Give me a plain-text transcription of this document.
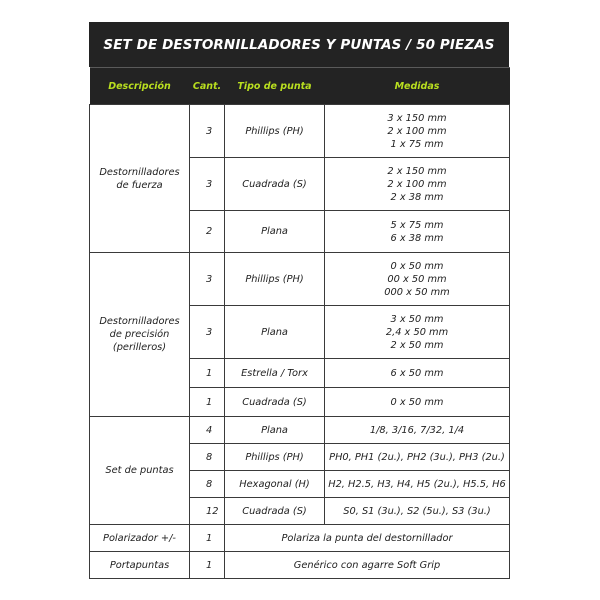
SET DE DESTORNILLADORES Y PUNTAS / 50 PIEZAS
Descripción	Cant.	Tipo de punta	Medidas

Destornilladores
de fuerza	3	Phillips (PH)	3 x 150 mm
2 x 100 mm
1 x 75 mm

	3	Cuadrada (S)	2 x 150 mm
2 x 100 mm
2 x 38 mm

	2	Plana	5 x 75 mm
6 x 38 mm

Destornilladores
de precisión
(perilleros)	3	Phillips (PH)	0 x 50 mm
00 x 50 mm
000 x 50 mm

	3	Plana	3 x 50 mm
2,4 x 50 mm
2 x 50 mm

	1	Estrella / Torx	6 x 50 mm

	1	Cuadrada (S)	0 x 50 mm

Set de puntas	4	Plana	1/8, 3/16, 7/32, 1/4

	8	Phillips (PH)	PH0, PH1 (2u.), PH2 (3u.), PH3 (2u.)

	8	Hexagonal (H)	H2, H2.5, H3, H4, H5 (2u.), H5.5, H6

	12	Cuadrada (S)	S0, S1 (3u.), S2 (5u.), S3 (3u.)

Polarizador +/-	1	Polariza la punta del destornillador	
Portapuntas	1	Genérico con agarre Soft Grip	
